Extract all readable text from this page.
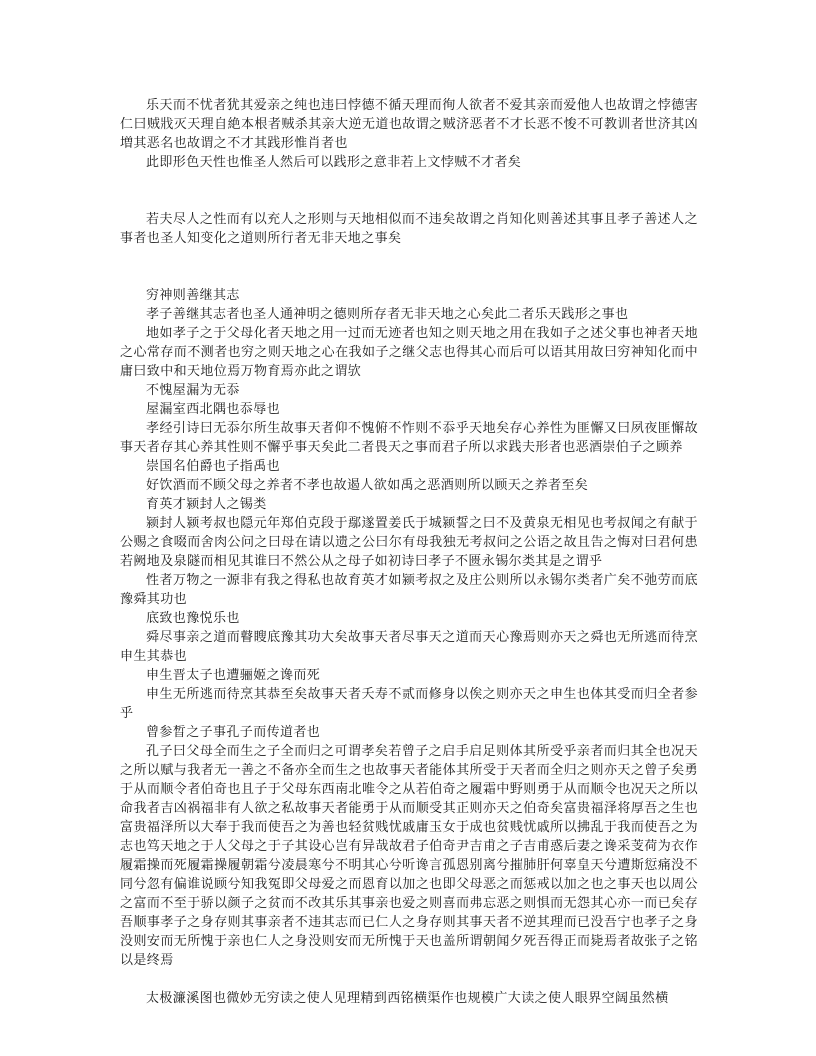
乐天而不忧者犹其爱亲之纯也违曰悖德不循天理而徇人欲者不爱其亲而爱他人也故谓之悖德害仁曰贼戕灭天理自絶本根者贼杀其亲大逆无道也故谓之贼济恶者不才长恶不悛不可教训者世济其凶増其恶名也故谓之不才其践形惟肖者也

此即形色天性也惟圣人然后可以践形之意非若上文悖贼不才者矣

若夫尽人之性而有以充人之形则与天地相似而不违矣故谓之肖知化则善述其事且孝子善述人之事者也圣人知变化之道则所行者无非天地之事矣

穷神则善继其志

孝子善继其志者也圣人通神明之德则所存者无非天地之心矣此二者乐天践形之事也

地如孝子之于父母化者天地之用一过而无迹者也知之则天地之用在我如子之述父事也神者天地之心常存而不测者也穷之则天地之心在我如子之继父志也得其心而后可以语其用故曰穷神知化而中庸曰致中和天地位焉万物育焉亦此之谓欤

不愧屋漏为无忝

屋漏室西北隅也忝辱也

孝经引诗曰无忝尔所生故事天者仰不愧俯不怍则不忝乎天地矣存心养性为匪懈又曰夙夜匪懈故事天者存其心养其性则不懈乎事天矣此二者畏天之事而君子所以求践夫形者也恶酒崇伯子之顾养

崇国名伯爵也子指禹也

好饮酒而不顾父母之养者不孝也故遏人欲如禹之恶酒则所以顾天之养者至矣

育英才颍封人之锡类

颍封人颍考叔也隠元年郑伯克段于鄢遂置姜氏于城颍誓之曰不及黄泉无相见也考叔闻之有献于公赐之食啜而舍肉公问之曰母在请以遗之公曰尔有母我独无考叔问之公语之故且告之悔对曰君何患若阙地及泉隧而相见其谁曰不然公从之母子如初诗曰孝子不匮永锡尔类其是之谓乎

性者万物之一源非有我之得私也故育英才如颍考叔之及庄公则所以永锡尔类者广矣不弛劳而底豫舜其功也

底致也豫悦乐也

舜尽事亲之道而瞽瞍底豫其功大矣故事天者尽事天之道而天心豫焉则亦天之舜也无所逃而待烹申生其恭也

申生晋太子也遭骊姬之谗而死

申生无所逃而待烹其恭至矣故事天者夭寿不贰而修身以俟之则亦天之申生也体其受而归全者参乎

曾参晳之子事孔子而传道者也

孔子曰父母全而生之子全而归之可谓孝矣若曾子之启手启足则体其所受乎亲者而归其全也况天之所以赋与我者无一善之不备亦全而生之也故事天者能体其所受于天者而全归之则亦天之曾子矣勇于从而顺令者伯奇也且子于父母东西南北唯令之从若伯奇之履霜中野则勇于从而顺令也况天之所以命我者吉凶祸福非有人欲之私故事天者能勇于从而顺受其正则亦天之伯奇矣富贵福泽将厚吾之生也富贵福泽所以大奉于我而使吾之为善也轻贫贱忧戚庸玉女于成也贫贱忧戚所以拂乱于我而使吾之为志也笃天地之于人父母之于子其设心岂有异哉故君子伯奇尹吉甫之子吉甫惑后妻之谗采芰荷为衣作履霜操而死履霜操履朝霜兮凌晨寒兮不明其心兮听谗言孤恩别离兮摧肺肝何辜皇天兮遭斯愆痛没不同兮忽有偏谁说顾兮知我冤即父母爱之而恩育以加之也即父母恶之而惩戒以加之也之事天也以周公之富而不至于骄以颜子之贫而不改其乐其事亲也爱之则喜而弗忘恶之则惧而无怨其心亦一而已矣存吾顺事孝子之身存则其事亲者不违其志而已仁人之身存则其事天者不逆其理而已没吾宁也孝子之身没则安而无所愧于亲也仁人之身没则安而无所愧于天也盖所谓朝闻夕死吾得正而毙焉者故张子之铭以是终焉

太极濂溪图也微妙无穷读之使人见理精到西铭横渠作也规模广大读之使人眼界空阔虽然横
